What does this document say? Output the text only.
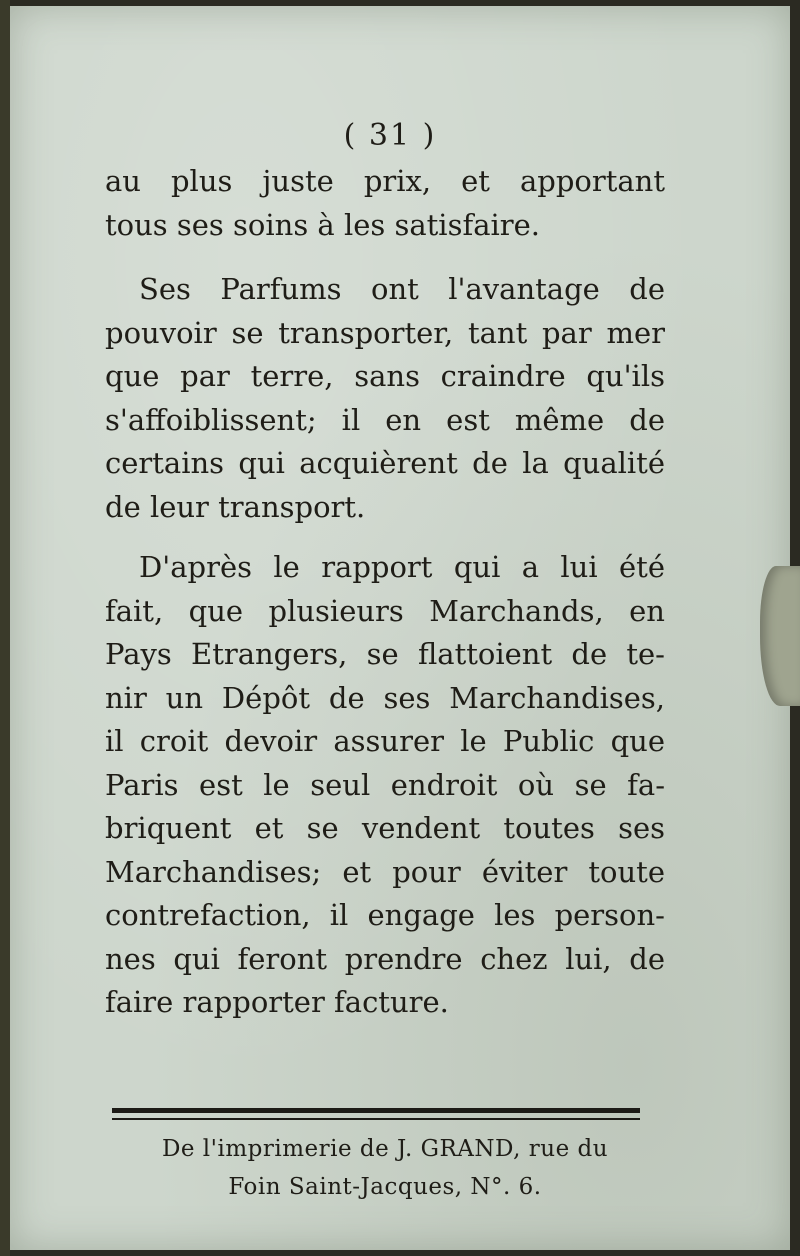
( 31 )
au plus juste prix, et apportant
tous ses soins à les satisfaire.
Ses Parfums ont l'avantage de
pouvoir se transporter, tant par mer
que par terre, sans craindre qu'ils
s'affoiblissent; il en est même de
certains qui acquièrent de la qualité
de leur transport.
D'après le rapport qui a lui été
fait, que plusieurs Marchands, en
Pays Etrangers, se flattoient de te-
nir un Dépôt de ses Marchandises,
il croit devoir assurer le Public que
Paris est le seul endroit où se fa-
briquent et se vendent toutes ses
Marchandises; et pour éviter toute
contrefaction, il engage les person-
nes qui feront prendre chez lui, de
faire rapporter facture.
De l'imprimerie de J. GRAND, rue du
Foin Saint-Jacques, N°. 6.
